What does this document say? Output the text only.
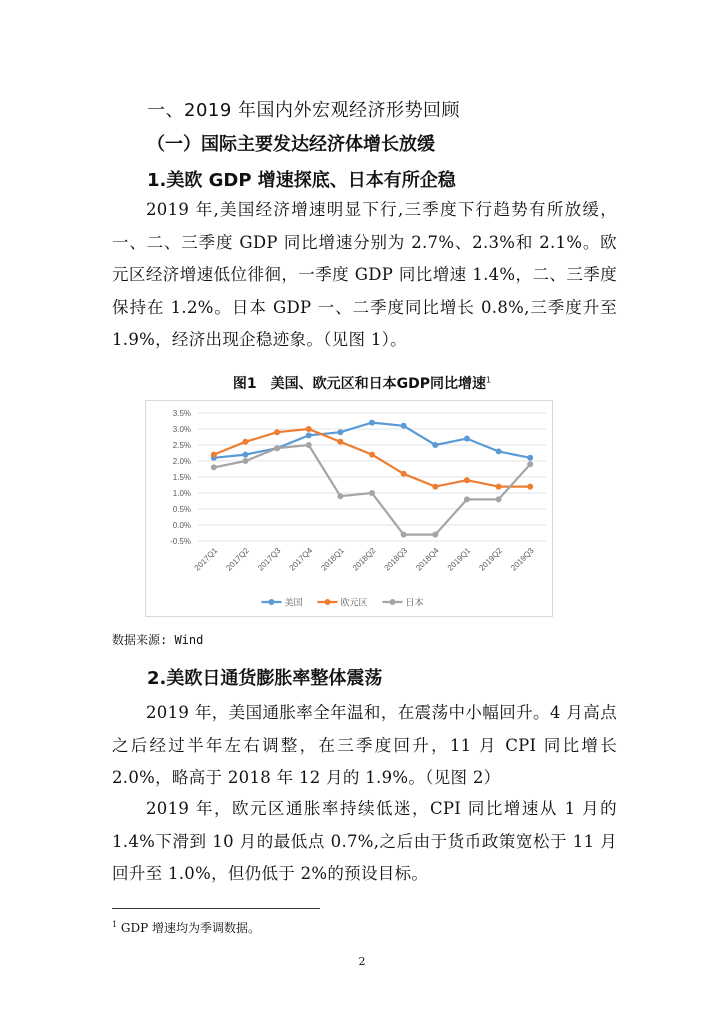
一、2019 年国内外宏观经济形势回顾
（一）国际主要发达经济体增长放缓
1.美欧 GDP 增速探底、日本有所企稳

2019 年,美国经济增速明显下行,三季度下行趋势有所放缓，一、二、三季度 GDP 同比增速分别为 2.7%、2.3%和 2.1%。欧元区经济增速低位徘徊，一季度 GDP 同比增速 1.4%，二、三季度保持在 1.2%。日本 GDP 一、二季度同比增长 0.8%,三季度升至 1.9%，经济出现企稳迹象。（见图 1）。

图1　美国、欧元区和日本GDP同比增速$^1$
-0.5%
0.0%
0.5%
1.0%
1.5%
2.0%
2.5%
3.0%
3.5%
2017Q1 2017Q2 2017Q3 2017Q4 2018Q1 2018Q2 2018Q3 2018Q4 2019Q1 2019Q2 2019Q3
美国	欧元区	日本
数据来源: Wind
2.美欧日通货膨胀率整体震荡

2019 年，美国通胀率全年温和，在震荡中小幅回升。4 月高点之后经过半年左右调整，在三季度回升，11 月 CPI 同比增长 2.0%，略高于 2018 年 12 月的 1.9%。（见图 2）

2019 年，欧元区通胀率持续低迷，CPI 同比增速从 1 月的 1.4%下滑到 10 月的最低点 0.7%,之后由于货币政策宽松于 11 月回升至 1.0%，但仍低于 2%的预设目标。

$^1$ GDP 增速均为季调数据。
2
